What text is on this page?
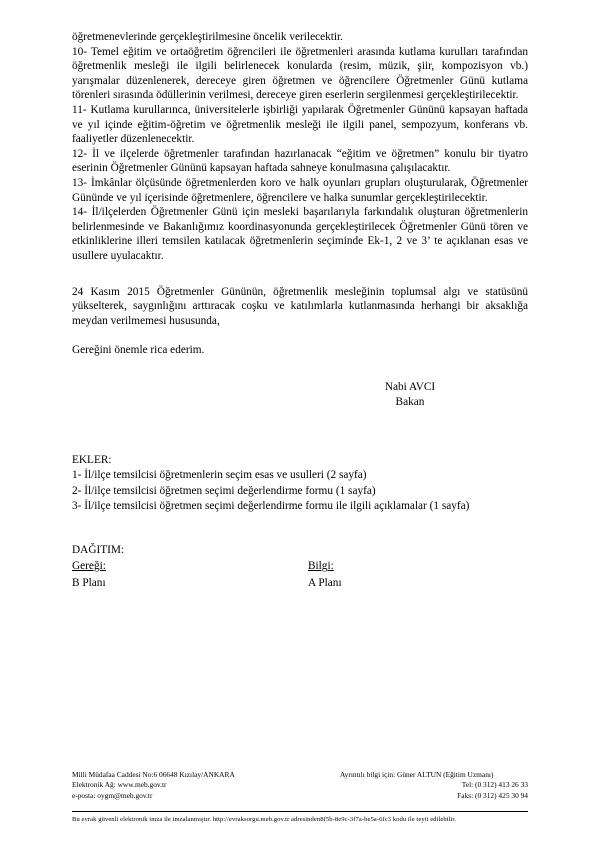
öğretmenevlerinde gerçekleştirilmesine öncelik verilecektir.

10- Temel eğitim ve ortaöğretim öğrencileri ile öğretmenleri arasında kutlama kurulları tarafından öğretmenlik mesleği ile ilgili belirlenecek konularda (resim, müzik, şiir, kompozisyon vb.) yarışmalar düzenlenerek, dereceye giren öğretmen ve öğrencilere Öğretmenler Günü kutlama törenleri sırasında ödüllerinin verilmesi, dereceye giren eserlerin sergilenmesi gerçekleştirilecektir.

11- Kutlama kurullarınca, üniversitelerle işbirliği yapılarak Öğretmenler Gününü kapsayan haftada ve yıl içinde eğitim-öğretim ve öğretmenlik mesleği ile ilgili panel, sempozyum, konferans vb. faaliyetler düzenlenecektir.

12- İl ve ilçelerde öğretmenler tarafından hazırlanacak “eğitim ve öğretmen” konulu bir tiyatro eserinin Öğretmenler Gününü kapsayan haftada sahneye konulmasına çalışılacaktır.

13- İmkânlar ölçüsünde öğretmenlerden koro ve halk oyunları grupları oluşturularak, Öğretmenler Gününde ve yıl içerisinde öğretmenlere, öğrencilere ve halka sunumlar gerçekleştirilecektir.

14- İl/ilçelerden Öğretmenler Günü için mesleki başarılarıyla farkındalık oluşturan öğretmenlerin belirlenmesinde ve Bakanlığımız koordinasyonunda gerçekleştirilecek Öğretmenler Günü tören ve etkinliklerine illeri temsilen katılacak öğretmenlerin seçiminde Ek-1, 2 ve 3’ te açıklanan esas ve usullere uyulacaktır.

24 Kasım 2015 Öğretmenler Gününün, öğretmenlik mesleğinin toplumsal algı ve statüsünü yükselterek, saygınlığını arttıracak coşku ve katılımlarla kutlanmasında herhangi bir aksaklığa meydan verilmemesi hususunda,

Gereğini önemle rica ederim.

Nabi AVCI
Bakan
EKLER:
1- İl/ilçe temsilcisi öğretmenlerin seçim esas ve usulleri (2 sayfa)
2- İl/ilçe temsilcisi öğretmen seçimi değerlendirme formu (1 sayfa)
3- İl/ilçe temsilcisi öğretmen seçimi değerlendirme formu ile ilgili açıklamalar (1 sayfa)
DAĞITIM:
Gereği:
B Planı
Bilgi:
A Planı
Milli Müdafaa Caddesi No:6 06648 Kızılay/ANKARA
Elektronik Ağ: www.meb.gov.tr
e-posta: oygm@meb.gov.tr
Ayrıntılı bilgi için: Güner ALTUN (Eğitim Uzmanı)
Tel: (0 312) 413 26 33
Faks: (0 312) 425 30 94
Bu evrak güvenli elektronik imza ile imzalanmıştır. http://evraksorgu.meb.gov.tr adresinden8f5b-8e9c-3f7a-be5a-6fc3 kodu ile teyit edilebilir.
